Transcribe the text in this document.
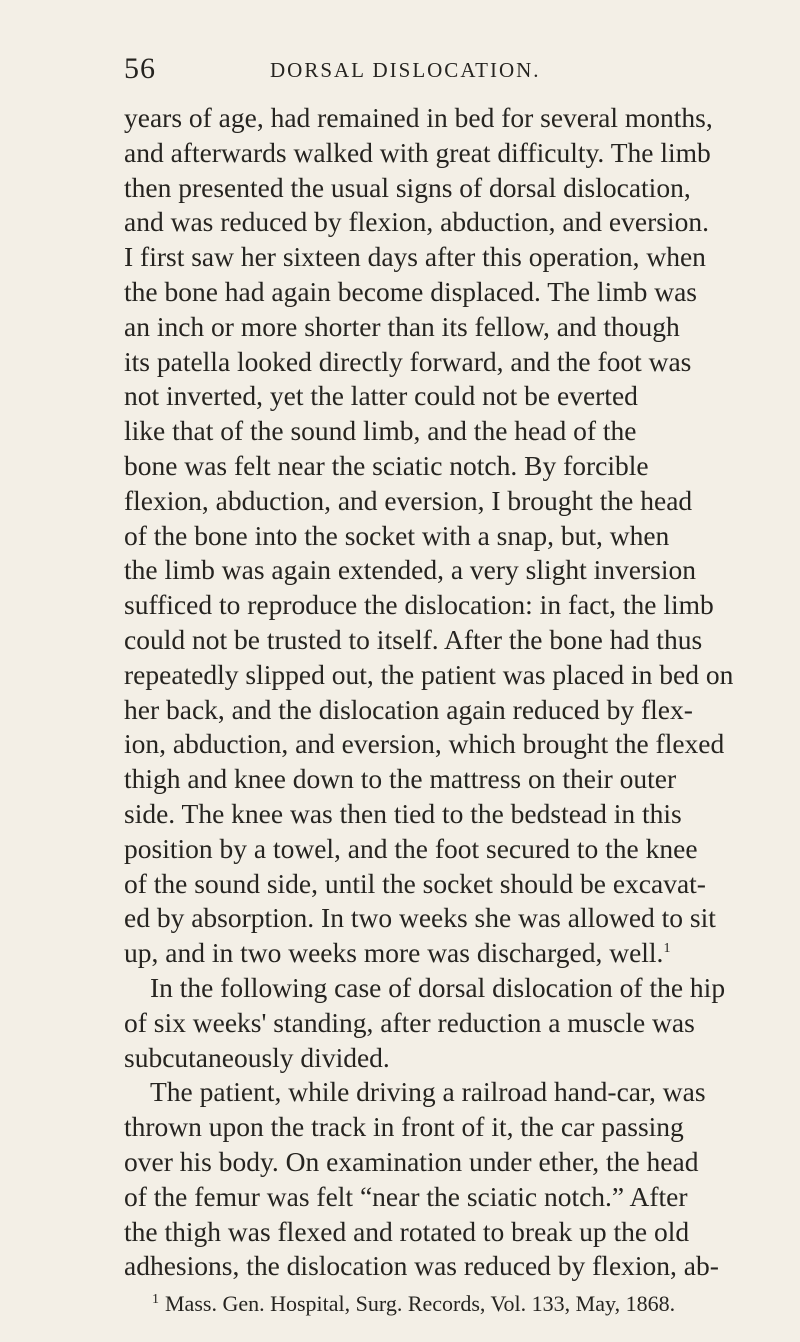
56	DORSAL DISLOCATION.
years of age, had remained in bed for several months,
and afterwards walked with great difficulty. The limb
then presented the usual signs of dorsal dislocation,
and was reduced by flexion, abduction, and eversion.
I first saw her sixteen days after this operation, when
the bone had again become displaced. The limb was
an inch or more shorter than its fellow, and though
its patella looked directly forward, and the foot was
not inverted, yet the latter could not be everted
like that of the sound limb, and the head of the
bone was felt near the sciatic notch. By forcible
flexion, abduction, and eversion, I brought the head
of the bone into the socket with a snap, but, when
the limb was again extended, a very slight inversion
sufficed to reproduce the dislocation: in fact, the limb
could not be trusted to itself. After the bone had thus
repeatedly slipped out, the patient was placed in bed on
her back, and the dislocation again reduced by flex-
ion, abduction, and eversion, which brought the flexed
thigh and knee down to the mattress on their outer
side. The knee was then tied to the bedstead in this
position by a towel, and the foot secured to the knee
of the sound side, until the socket should be excavat-
ed by absorption. In two weeks she was allowed to sit
up, and in two weeks more was discharged, well.$^1$
In the following case of dorsal dislocation of the hip
of six weeks' standing, after reduction a muscle was
subcutaneously divided.
The patient, while driving a railroad hand-car, was
thrown upon the track in front of it, the car passing
over his body. On examination under ether, the head
of the femur was felt “near the sciatic notch.” After
the thigh was flexed and rotated to break up the old
adhesions, the dislocation was reduced by flexion, ab-
$^1$ Mass. Gen. Hospital, Surg. Records, Vol. 133, May, 1868.
